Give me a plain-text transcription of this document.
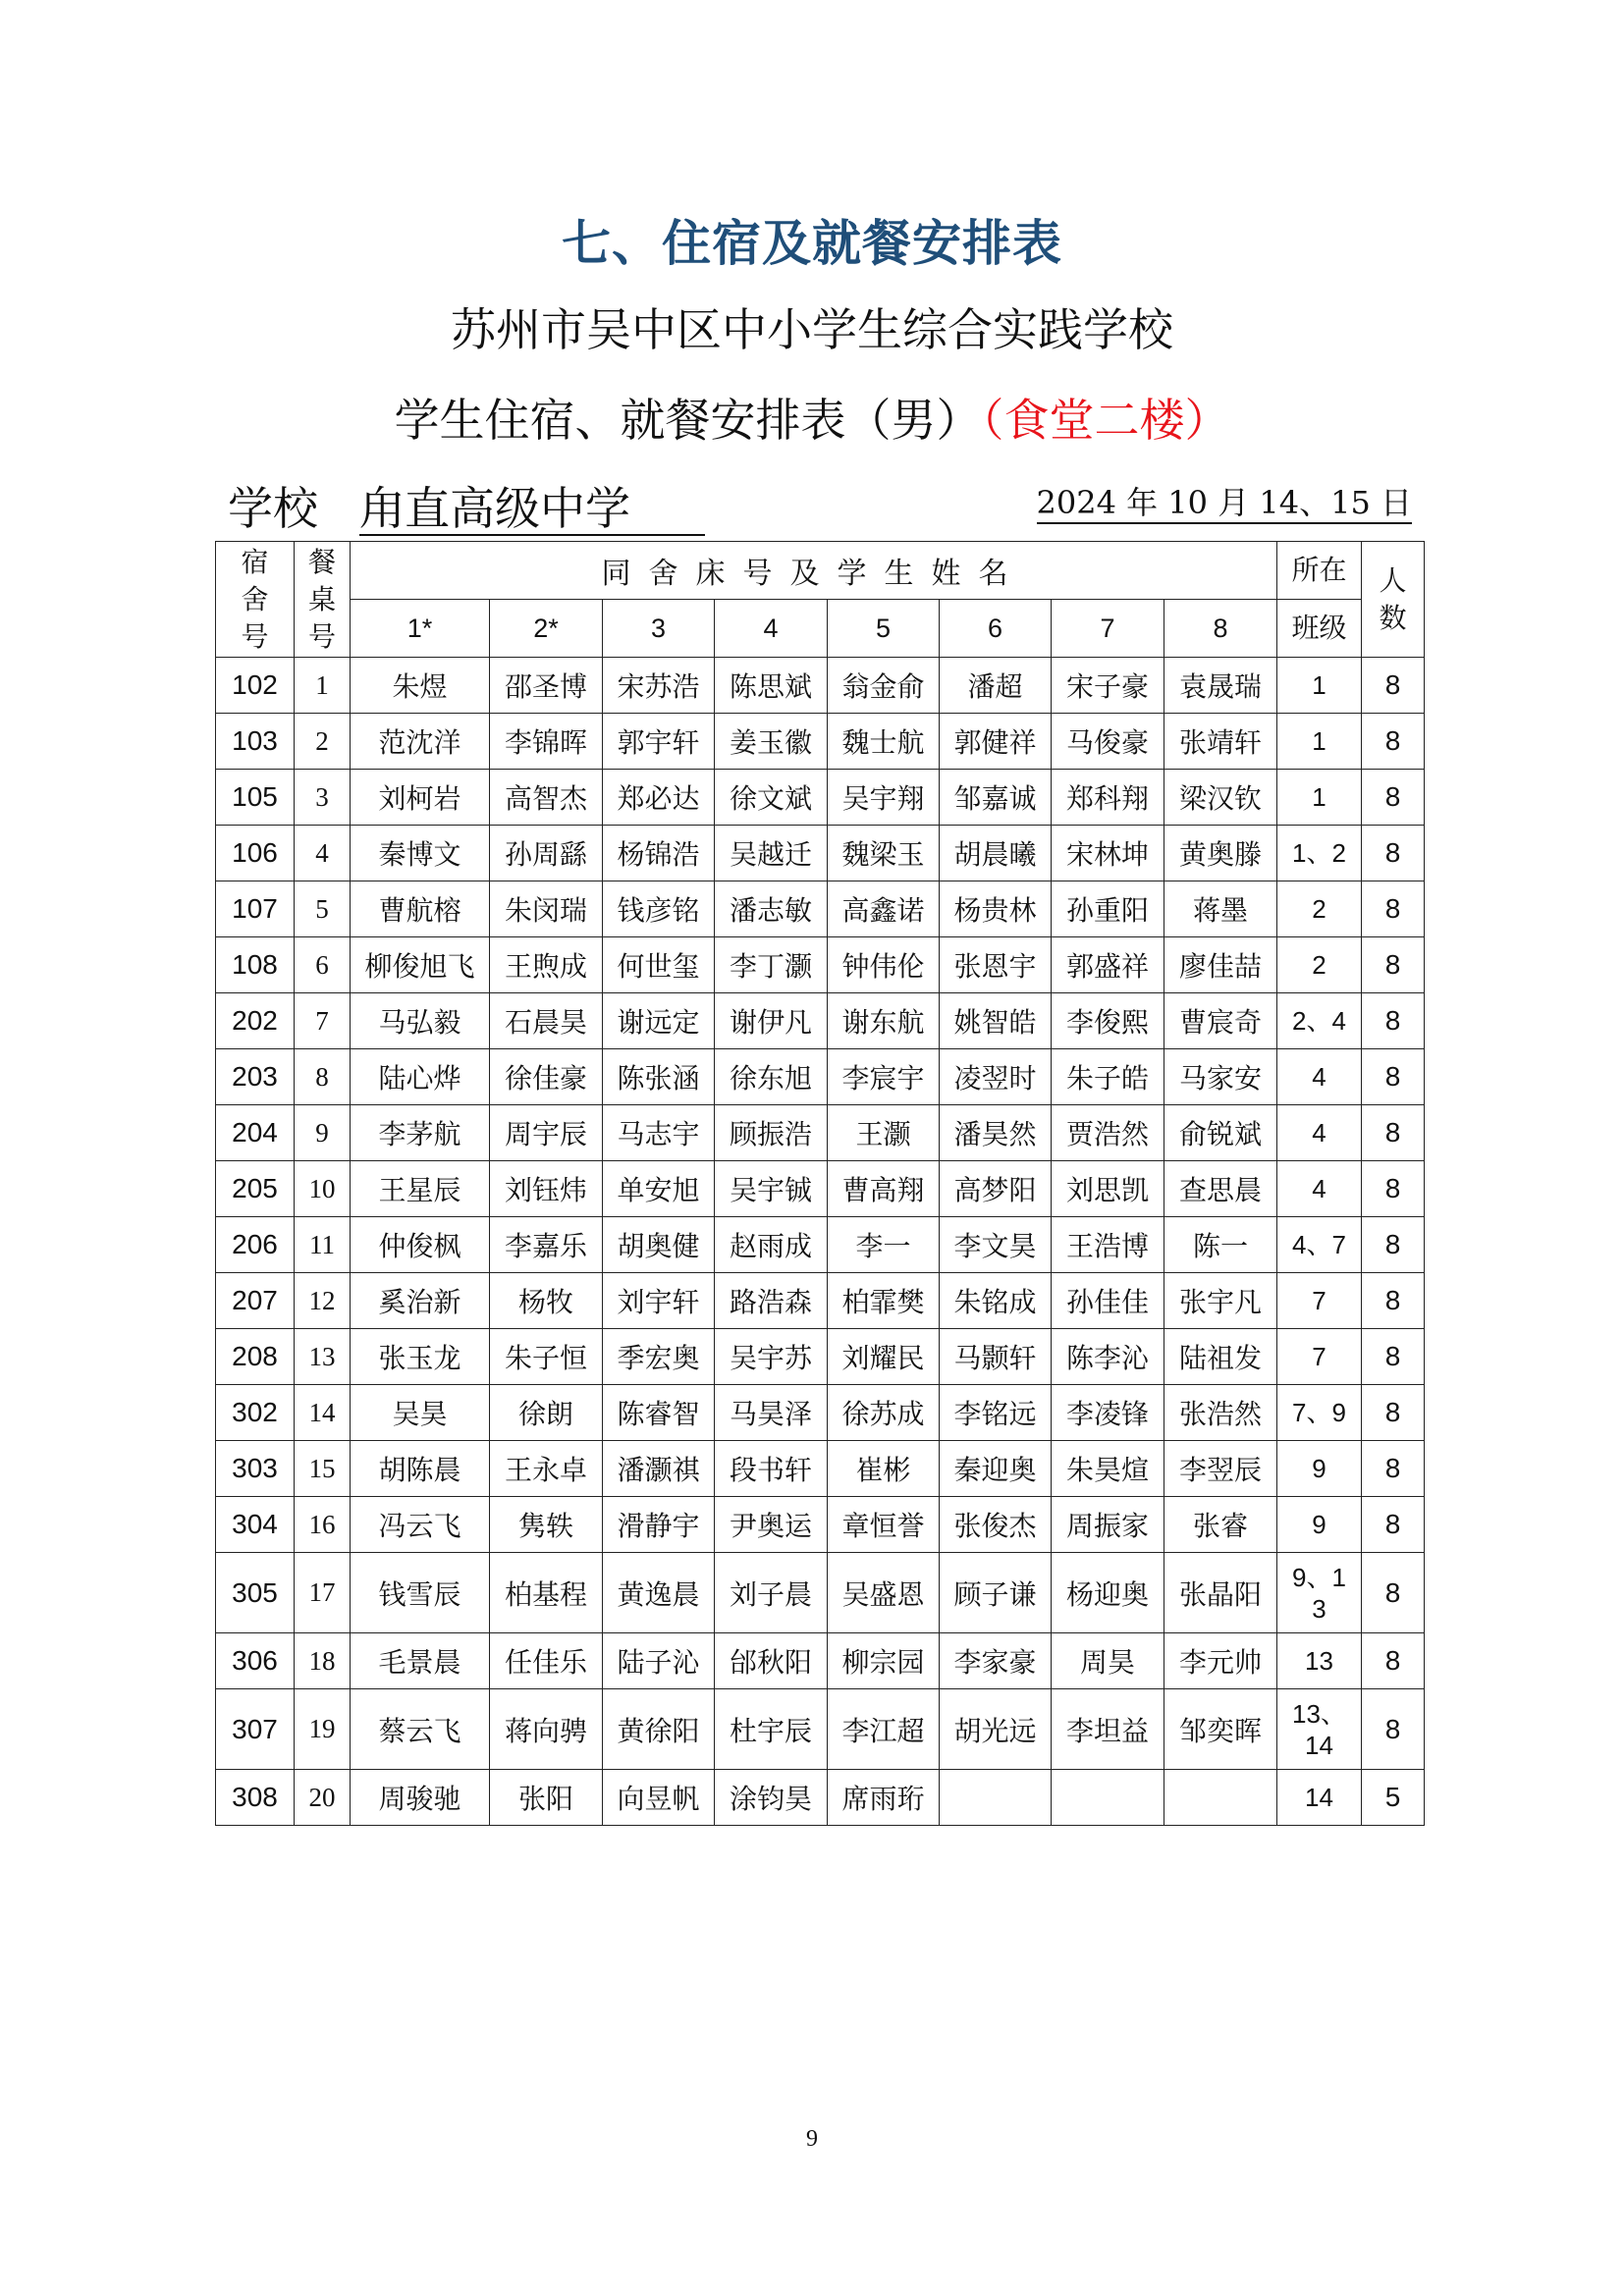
七、住宿及就餐安排表
苏州市吴中区中小学生综合实践学校
学生住宿、就餐安排表（男）（食堂二楼）
学校 甪直高级中学	2024 年 10 月 14、15 日
宿舍号	餐桌号	同舍床号及学生姓名								所在	人数

		1*	2*	3	4	5	6	7	8	班级	
102	1	朱煜	邵圣博	宋苏浩	陈思斌	翁金俞	潘超	宋子豪	袁晟瑞	1	8
103	2	范沈洋	李锦晖	郭宇轩	姜玉徽	魏士航	郭健祥	马俊豪	张靖轩	1	8
105	3	刘柯岩	高智杰	郑必达	徐文斌	吴宇翔	邹嘉诚	郑科翔	梁汉钦	1	8
106	4	秦博文	孙周繇	杨锦浩	吴越迁	魏梁玉	胡晨曦	宋林坤	黄奥滕	1、2	8
107	5	曹航榕	朱闵瑞	钱彦铭	潘志敏	高鑫诺	杨贵林	孙重阳	蒋墨	2	8
108	6	柳俊旭飞	王煦成	何世玺	李丁灏	钟伟伦	张恩宇	郭盛祥	廖佳喆	2	8
202	7	马弘毅	石晨昊	谢远定	谢伊凡	谢东航	姚智皓	李俊熙	曹宸奇	2、4	8
203	8	陆心烨	徐佳豪	陈张涵	徐东旭	李宸宇	凌翌时	朱子皓	马家安	4	8
204	9	李茅航	周宇辰	马志宇	顾振浩	王灏	潘昊然	贾浩然	俞锐斌	4	8
205	10	王星辰	刘钰炜	单安旭	吴宇铖	曹高翔	高梦阳	刘思凯	查思晨	4	8
206	11	仲俊枫	李嘉乐	胡奥健	赵雨成	李一	李文昊	王浩博	陈一	4、7	8
207	12	奚治新	杨牧	刘宇轩	路浩森	柏霏樊	朱铭成	孙佳佳	张宇凡	7	8
208	13	张玉龙	朱子恒	季宏奥	吴宇苏	刘耀民	马颢轩	陈李沁	陆祖发	7	8
302	14	吴昊	徐朗	陈睿智	马昊泽	徐苏成	李铭远	李凌锋	张浩然	7、9	8
303	15	胡陈晨	王永卓	潘灏祺	段书轩	崔彬	秦迎奥	朱昊煊	李翌辰	9	8
304	16	冯云飞	隽轶	滑静宇	尹奥运	章恒誉	张俊杰	周振家	张睿	9	8
305	17	钱雪辰	柏基程	黄逸晨	刘子晨	吴盛恩	顾子谦	杨迎奥	张晶阳	9、13	8
306	18	毛景晨	任佳乐	陆子沁	邰秋阳	柳宗园	李家豪	周昊	李元帅	13	8
307	19	蔡云飞	蒋向骋	黄徐阳	杜宇辰	李江超	胡光远	李坦益	邹奕晖	13、14	8
308	20	周骏驰	张阳	向昱帆	涂钧昊	席雨珩				14	5
9
